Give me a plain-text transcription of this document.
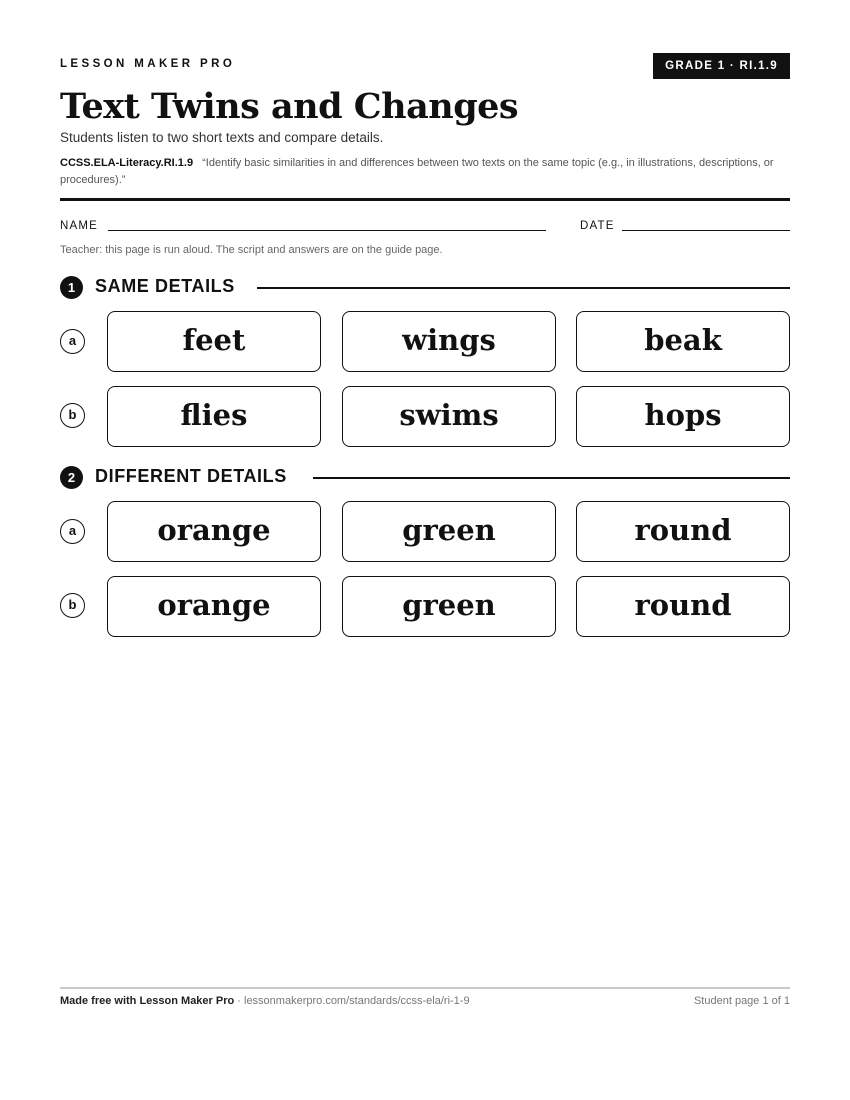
LESSON MAKER PRO	GRADE 1 · RI.1.9
Text Twins and Changes
Students listen to two short texts and compare details.
CCSS.ELA-Literacy.RI.1.9 “Identify basic similarities in and differences between two texts on the same topic (e.g., in illustrations, descriptions, or procedures).”
NAME	DATE
Teacher: this page is run aloud. The script and answers are on the guide page.
1	SAME DETAILS
a	feet	wings	beak
b	flies	swims	hops
2	DIFFERENT DETAILS
a	orange	green	round
b	orange	green	round
Made free with Lesson Maker Pro · lessonmakerpro.com/standards/ccss-ela/ri-1-9	Student page 1 of 1
